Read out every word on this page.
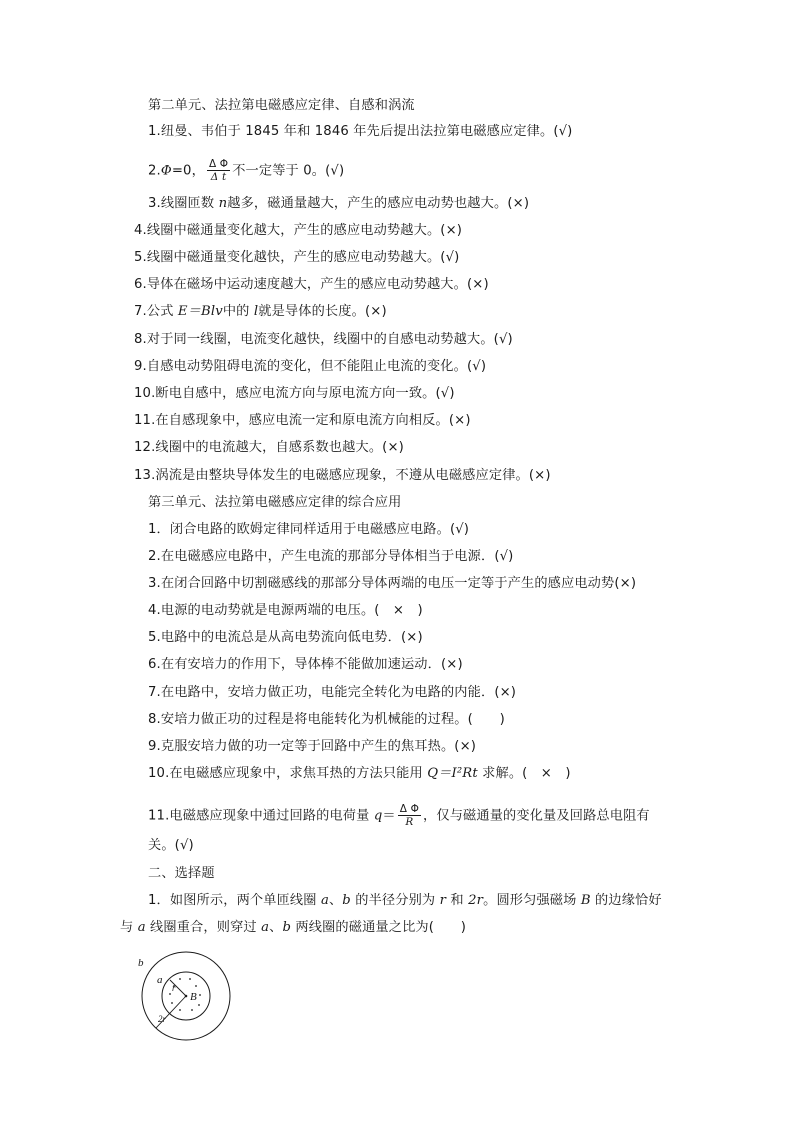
第二单元、法拉第电磁感应定律、自感和涡流
1.纽曼、韦伯于 1845 年和 1846 年先后提出法拉第电磁感应定律。(√)
2.Φ=0， $\frac{\text{Δ Φ}}{\text{Δ t}}$ 不一定等于 0。(√)
3.线圈匝数 n越多，磁通量越大，产生的感应电动势也越大。(×)
4.线圈中磁通量变化越大，产生的感应电动势越大。(×)
5.线圈中磁通量变化越快，产生的感应电动势越大。(√)
6.导体在磁场中运动速度越大，产生的感应电动势越大。(×)
7.公式 E＝Blv中的 l就是导体的长度。(×)
8.对于同一线圈，电流变化越快，线圈中的自感电动势越大。(√)
9.自感电动势阻碍电流的变化，但不能阻止电流的变化。(√)
10.断电自感中，感应电流方向与原电流方向一致。(√)
11.在自感现象中，感应电流一定和原电流方向相反。(×)
12.线圈中的电流越大，自感系数也越大。(×)
13.涡流是由整块导体发生的电磁感应现象，不遵从电磁感应定律。(×)
第三单元、法拉第电磁感应定律的综合应用
1．闭合电路的欧姆定律同样适用于电磁感应电路。(√)
2.在电磁感应电路中，产生电流的那部分导体相当于电源．(√)
3.在闭合回路中切割磁感线的那部分导体两端的电压一定等于产生的感应电动势(×)
4.电源的电动势就是电源两端的电压。(　×　)
5.电路中的电流总是从高电势流向低电势．(×)
6.在有安培力的作用下，导体棒不能做加速运动．(×)
7.在电路中，安培力做正功，电能完全转化为电路的内能．(×)
8.安培力做正功的过程是将电能转化为机械能的过程。(　　)
9.克服安培力做的功一定等于回路中产生的焦耳热。(×)
10.在电磁感应现象中，求焦耳热的方法只能用 Q＝I²Rt 求解。(　×　)
11.电磁感应现象中通过回路的电荷量 $q= \frac{\text{Δ Φ}}{R}$ ，仅与磁通量的变化量及回路总电阻有
关。(√)
二、选择题
1．如图所示，两个单匝线圈 a、b 的半径分别为 r 和 2r。圆形匀强磁场 B 的边缘恰好
与 a 线圈重合，则穿过 a、b 两线圈的磁通量之比为(　　)
b
a
r
B
2r
